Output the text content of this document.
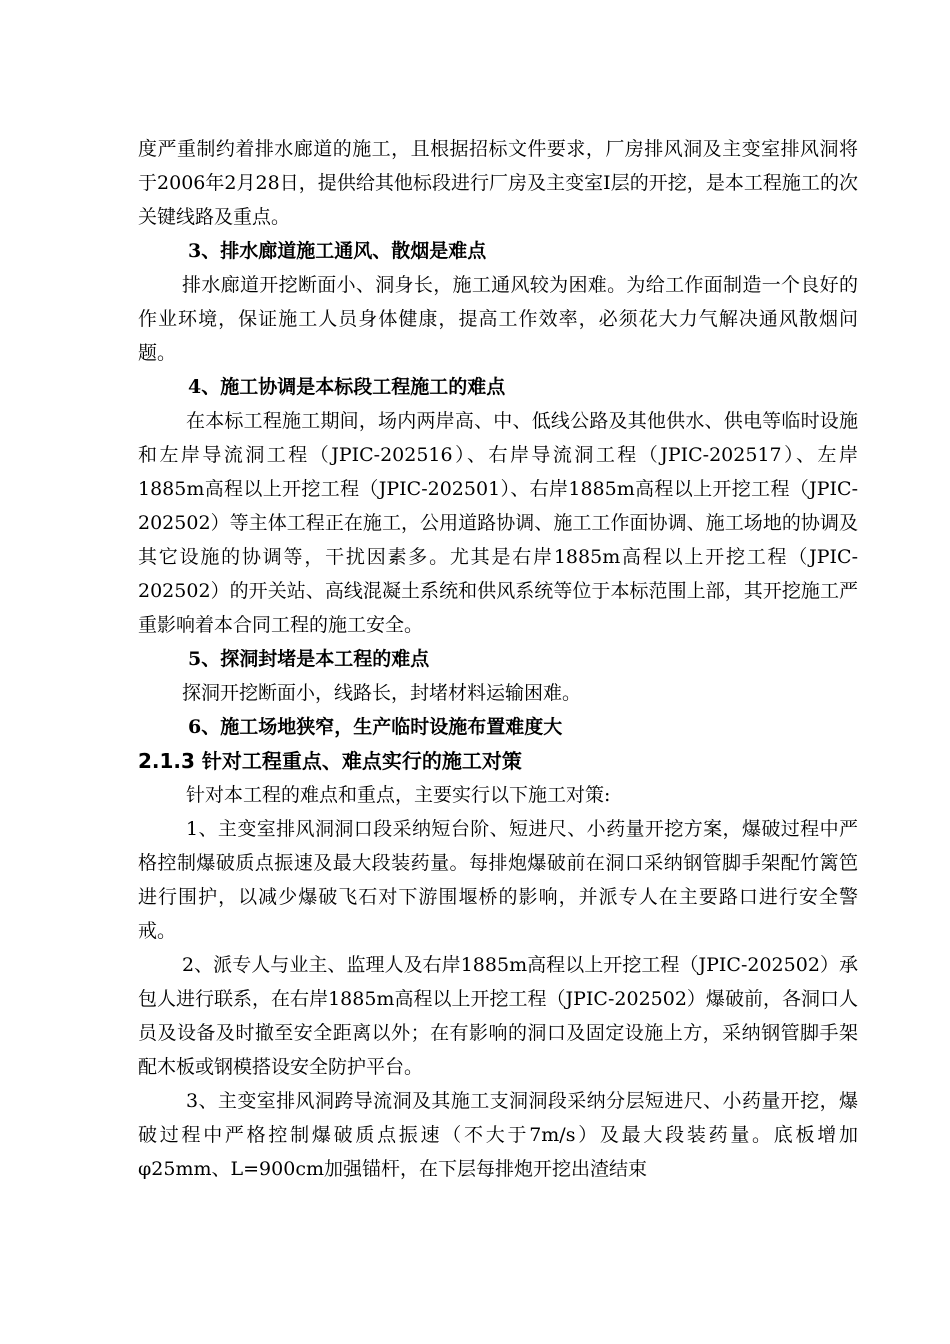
度严重制约着排水廊道的施工，且根据招标文件要求，厂房排风洞及主变室排风洞将于2006年2月28日，提供给其他标段进行厂房及主变室Ⅰ层的开挖，是本工程施工的次关键线路及重点。

3、排水廊道施工通风、散烟是难点

排水廊道开挖断面小、洞身长，施工通风较为困难。为给工作面制造一个良好的作业环境，保证施工人员身体健康，提高工作效率，必须花大力气解决通风散烟问题。

4、施工协调是本标段工程施工的难点

在本标工程施工期间，场内两岸高、中、低线公路及其他供水、供电等临时设施和左岸导流洞工程（JPIC-202516）、右岸导流洞工程（JPIC-202517）、左岸1885m高程以上开挖工程（JPIC-202501）、右岸1885m高程以上开挖工程（JPIC-202502）等主体工程正在施工，公用道路协调、施工工作面协调、施工场地的协调及其它设施的协调等，干扰因素多。尤其是右岸1885m高程以上开挖工程（JPIC-202502）的开关站、高线混凝土系统和供风系统等位于本标范围上部，其开挖施工严重影响着本合同工程的施工安全。

5、探洞封堵是本工程的难点

探洞开挖断面小，线路长，封堵材料运输困难。

6、施工场地狭窄，生产临时设施布置难度大

2.1.3 针对工程重点、难点实行的施工对策

针对本工程的难点和重点，主要实行以下施工对策:

1、主变室排风洞洞口段采纳短台阶、短进尺、小药量开挖方案，爆破过程中严格控制爆破质点振速及最大段装药量。每排炮爆破前在洞口采纳钢管脚手架配竹篱笆进行围护，以减少爆破飞石对下游围堰桥的影响，并派专人在主要路口进行安全警戒。

2、派专人与业主、监理人及右岸1885m高程以上开挖工程（JPIC-202502）承包人进行联系，在右岸1885m高程以上开挖工程（JPIC-202502）爆破前，各洞口人员及设备及时撤至安全距离以外；在有影响的洞口及固定设施上方，采纳钢管脚手架配木板或钢模搭设安全防护平台。

3、主变室排风洞跨导流洞及其施工支洞洞段采纳分层短进尺、小药量开挖，爆破过程中严格控制爆破质点振速（不大于7m/s）及最大段装药量。底板增加φ25mm、L=900cm加强锚杆，在下层每排炮开挖出渣结束
